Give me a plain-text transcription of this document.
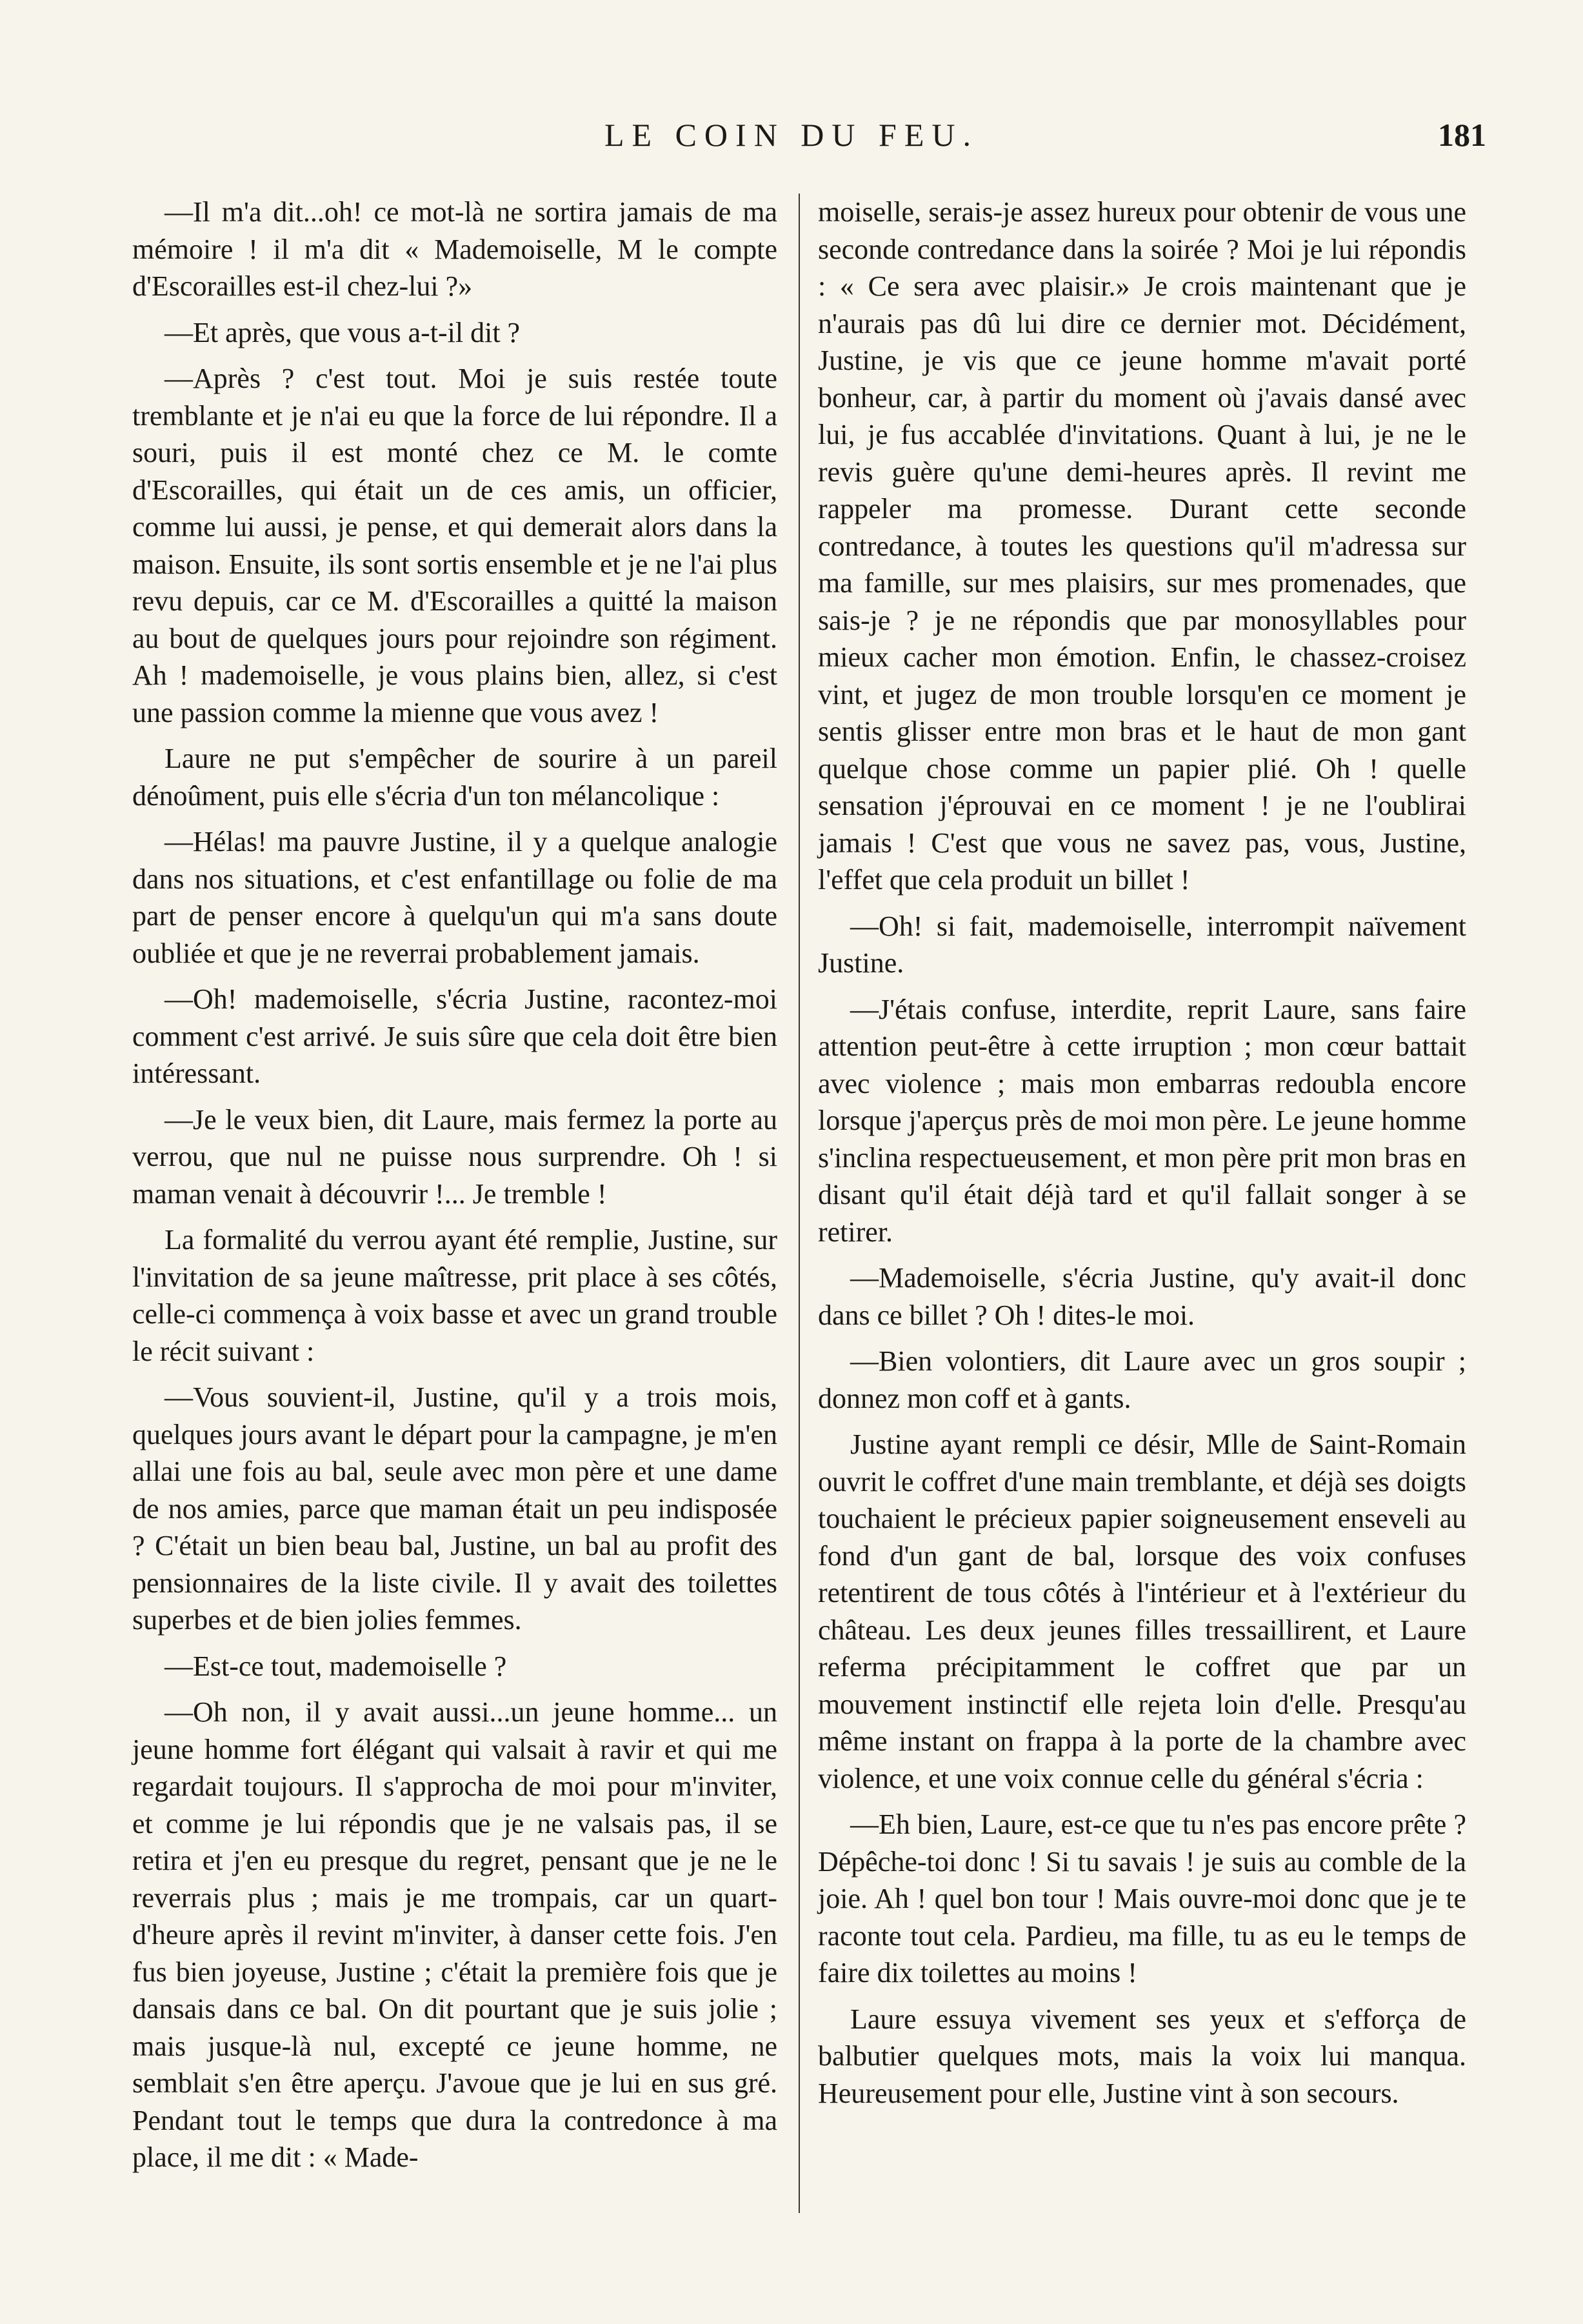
LE COIN DU FEU.	181

—Il m'a dit...oh! ce mot-là ne sortira jamais de ma mémoire ! il m'a dit « Mademoiselle, M le compte d'Escorailles est-il chez-lui ?»

—Et après, que vous a-t-il dit ?

—Après ? c'est tout. Moi je suis restée toute tremblante et je n'ai eu que la force de lui répondre. Il a souri, puis il est monté chez ce M. le comte d'Escorailles, qui était un de ces amis, un officier, comme lui aussi, je pense, et qui demerait alors dans la maison. Ensuite, ils sont sortis ensemble et je ne l'ai plus revu depuis, car ce M. d'Escorailles a quitté la maison au bout de quelques jours pour rejoindre son régiment. Ah ! mademoiselle, je vous plains bien, allez, si c'est une passion comme la mienne que vous avez !

Laure ne put s'empêcher de sourire à un pareil dénoûment, puis elle s'écria d'un ton mélancolique :

—Hélas! ma pauvre Justine, il y a quelque analogie dans nos situations, et c'est enfantillage ou folie de ma part de penser encore à quelqu'un qui m'a sans doute oubliée et que je ne reverrai probablement jamais.

—Oh! mademoiselle, s'écria Justine, racontez-moi comment c'est arrivé. Je suis sûre que cela doit être bien intéressant.

—Je le veux bien, dit Laure, mais fermez la porte au verrou, que nul ne puisse nous surprendre. Oh ! si maman venait à découvrir !... Je tremble !

La formalité du verrou ayant été remplie, Justine, sur l'invitation de sa jeune maîtresse, prit place à ses côtés, celle-ci commença à voix basse et avec un grand trouble le récit suivant :

—Vous souvient-il, Justine, qu'il y a trois mois, quelques jours avant le départ pour la campagne, je m'en allai une fois au bal, seule avec mon père et une dame de nos amies, parce que maman était un peu indisposée ? C'était un bien beau bal, Justine, un bal au profit des pensionnaires de la liste civile. Il y avait des toilettes superbes et de bien jolies femmes.

—Est-ce tout, mademoiselle ?

—Oh non, il y avait aussi...un jeune homme... un jeune homme fort élégant qui valsait à ravir et qui me regardait toujours. Il s'approcha de moi pour m'inviter, et comme je lui répondis que je ne valsais pas, il se retira et j'en eu presque du regret, pensant que je ne le reverrais plus ; mais je me trompais, car un quart-d'heure après il revint m'inviter, à danser cette fois. J'en fus bien joyeuse, Justine ; c'était la première fois que je dansais dans ce bal. On dit pourtant que je suis jolie ; mais jusque-là nul, excepté ce jeune homme, ne semblait s'en être aperçu. J'avoue que je lui en sus gré. Pendant tout le temps que dura la contredonce à ma place, il me dit : « Made-

moiselle, serais-je assez hureux pour obtenir de vous une seconde contredance dans la soirée ? Moi je lui répondis : « Ce sera avec plaisir.» Je crois maintenant que je n'aurais pas dû lui dire ce dernier mot. Décidément, Justine, je vis que ce jeune homme m'avait porté bonheur, car, à partir du moment où j'avais dansé avec lui, je fus accablée d'invitations. Quant à lui, je ne le revis guère qu'une demi-heures après. Il revint me rappeler ma promesse. Durant cette seconde contredance, à toutes les questions qu'il m'adressa sur ma famille, sur mes plaisirs, sur mes promenades, que sais-je ? je ne répondis que par monosyllables pour mieux cacher mon émotion. Enfin, le chassez-croisez vint, et jugez de mon trouble lorsqu'en ce moment je sentis glisser entre mon bras et le haut de mon gant quelque chose comme un papier plié. Oh ! quelle sensation j'éprouvai en ce moment ! je ne l'oublirai jamais ! C'est que vous ne savez pas, vous, Justine, l'effet que cela produit un billet !

—Oh! si fait, mademoiselle, interrompit naïvement Justine.

—J'étais confuse, interdite, reprit Laure, sans faire attention peut-être à cette irruption ; mon cœur battait avec violence ; mais mon embarras redoubla encore lorsque j'aperçus près de moi mon père. Le jeune homme s'inclina respectueusement, et mon père prit mon bras en disant qu'il était déjà tard et qu'il fallait songer à se retirer.

—Mademoiselle, s'écria Justine, qu'y avait-il donc dans ce billet ? Oh ! dites-le moi.

—Bien volontiers, dit Laure avec un gros soupir ; donnez mon coff et à gants.

Justine ayant rempli ce désir, Mlle de Saint-Romain ouvrit le coffret d'une main tremblante, et déjà ses doigts touchaient le précieux papier soigneusement enseveli au fond d'un gant de bal, lorsque des voix confuses retentirent de tous côtés à l'intérieur et à l'extérieur du château. Les deux jeunes filles tressaillirent, et Laure referma précipitamment le coffret que par un mouvement instinctif elle rejeta loin d'elle. Presqu'au même instant on frappa à la porte de la chambre avec violence, et une voix connue celle du général s'écria :

—Eh bien, Laure, est-ce que tu n'es pas encore prête ? Dépêche-toi donc ! Si tu savais ! je suis au comble de la joie. Ah ! quel bon tour ! Mais ouvre-moi donc que je te raconte tout cela. Pardieu, ma fille, tu as eu le temps de faire dix toilettes au moins !

Laure essuya vivement ses yeux et s'efforça de balbutier quelques mots, mais la voix lui manqua. Heureusement pour elle, Justine vint à son secours.
